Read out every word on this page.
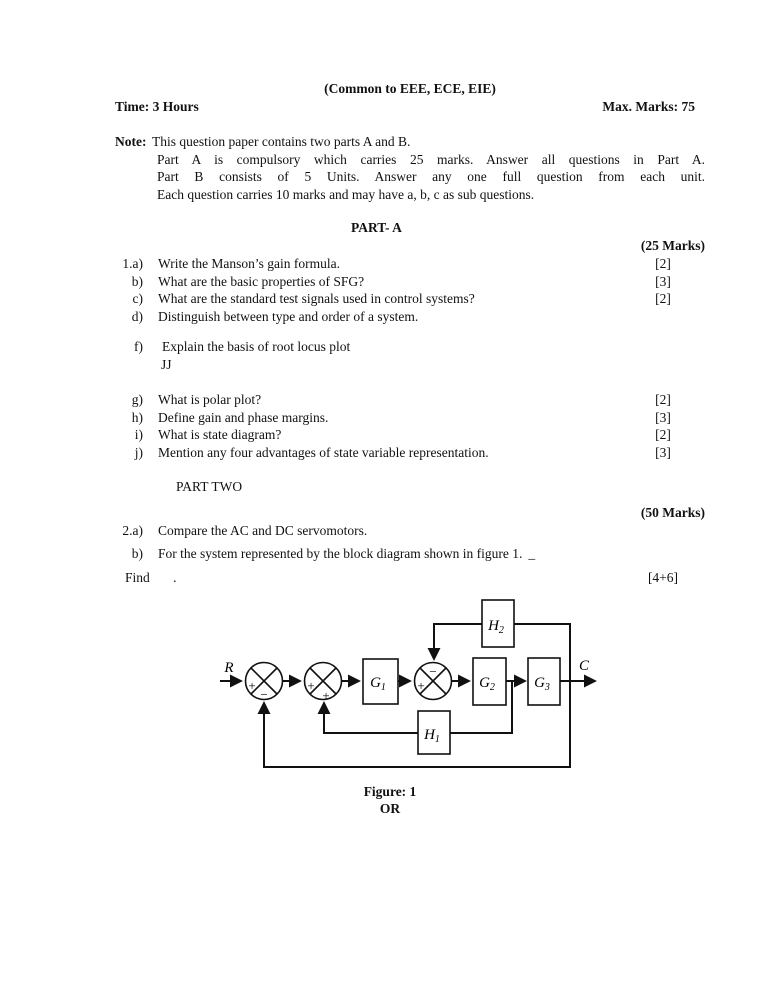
(Common to EEE, ECE, EIE)
Time: 3 Hours	Max. Marks: 75
Note: This question paper contains two parts A and B.
Part A is compulsory which carries 25 marks. Answer all questions in Part A.
Part B consists of 5 Units. Answer any one full question from each unit.
Each question carries 10 marks and may have a, b, c as sub questions.
PART- A
(25 Marks)
1.a) Write the Manson’s gain formula.	[2]
b) What are the basic properties of SFG?	[3]
c) What are the standard test signals used in control systems?	[2]
d) Distinguish between type and order of a system.
f) Explain the basis of root locus plot
JJ
g) What is polar plot?	[2]
h) Define gain and phase margins.	[3]
i) What is state diagram?	[2]
j) Mention any four advantages of state variable representation.	[3]
PART TWO
(50 Marks)
2.a) Compare the AC and DC servomotors.
b) For the system represented by the block diagram shown in figure 1. _
Find .	[4+6]
+
−
+
+
+
−
$G_1$	$G_2$	$G_3$
$H_2$
$H_1$
R	C
Figure: 1
OR
